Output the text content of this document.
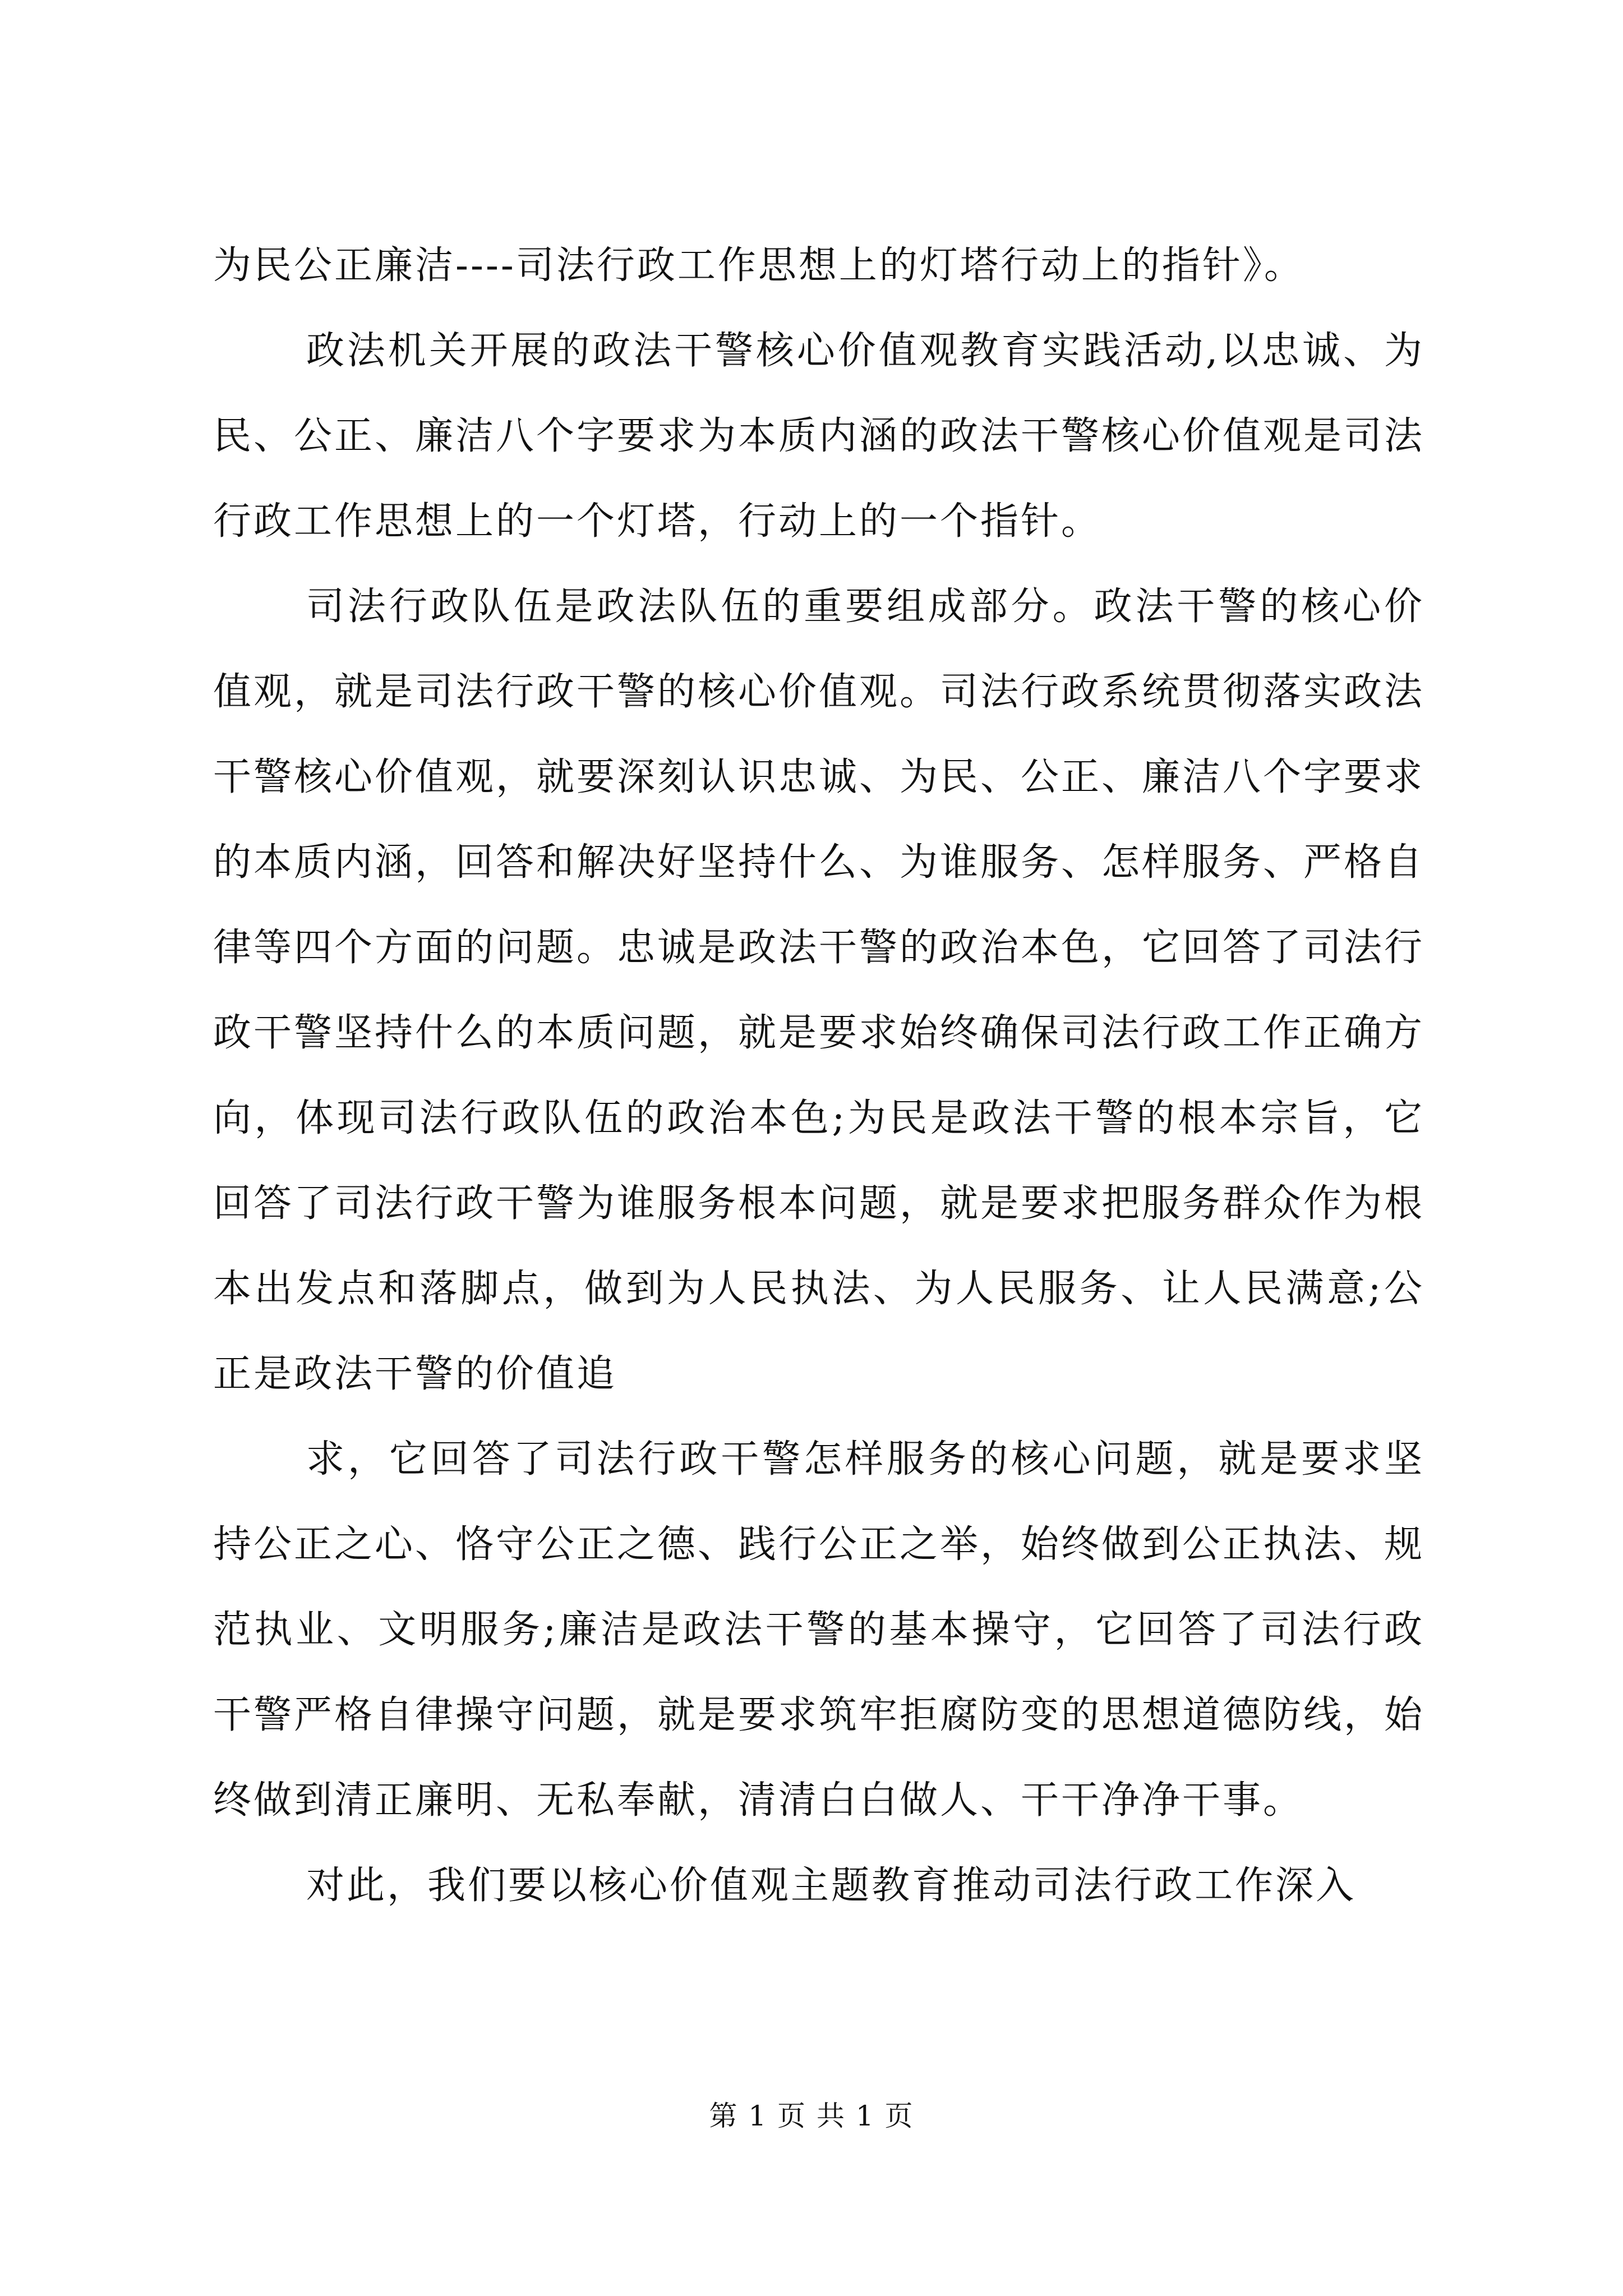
为民公正廉洁----司法行政工作思想上的灯塔行动上的指针》。

政法机关开展的政法干警核心价值观教育实践活动,以忠诚、为民、公正、廉洁八个字要求为本质内涵的政法干警核心价值观是司法行政工作思想上的一个灯塔，行动上的一个指针。

司法行政队伍是政法队伍的重要组成部分。政法干警的核心价值观，就是司法行政干警的核心价值观。司法行政系统贯彻落实政法干警核心价值观，就要深刻认识忠诚、为民、公正、廉洁八个字要求的本质内涵，回答和解决好坚持什么、为谁服务、怎样服务、严格自律等四个方面的问题。忠诚是政法干警的政治本色，它回答了司法行政干警坚持什么的本质问题，就是要求始终确保司法行政工作正确方向，体现司法行政队伍的政治本色;为民是政法干警的根本宗旨，它回答了司法行政干警为谁服务根本问题，就是要求把服务群众作为根本出发点和落脚点，做到为人民执法、为人民服务、让人民满意;公正是政法干警的价值追

求，它回答了司法行政干警怎样服务的核心问题，就是要求坚持公正之心、恪守公正之德、践行公正之举，始终做到公正执法、规范执业、文明服务;廉洁是政法干警的基本操守，它回答了司法行政干警严格自律操守问题，就是要求筑牢拒腐防变的思想道德防线，始终做到清正廉明、无私奉献，清清白白做人、干干净净干事。

对此，我们要以核心价值观主题教育推动司法行政工作深入

第 1 页 共 1 页
